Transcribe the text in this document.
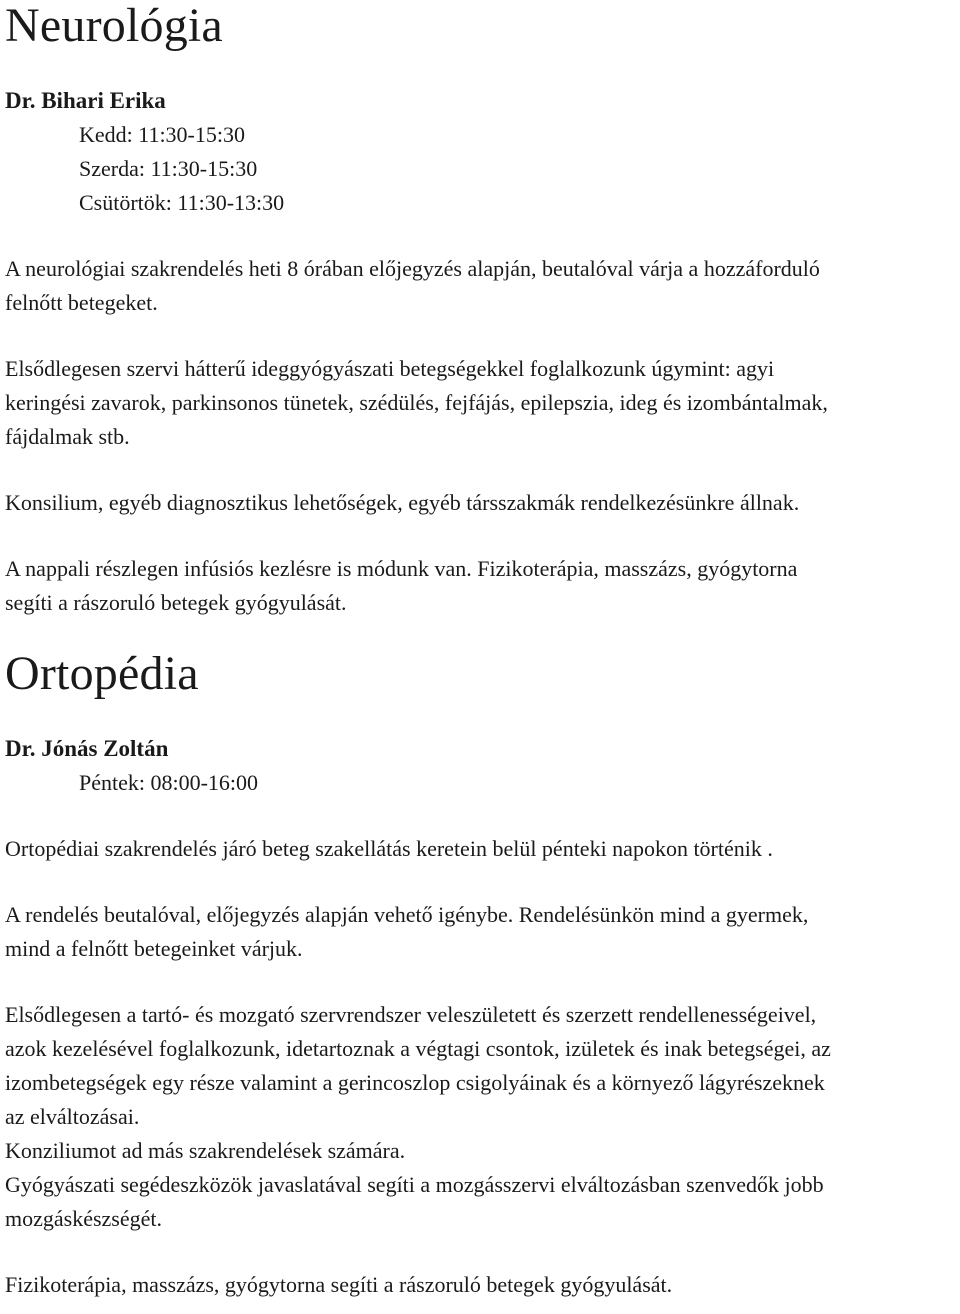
Neurológia
Dr. Bihari Erika
Kedd: 11:30-15:30
Szerda: 11:30-15:30
Csütörtök: 11:30-13:30

A neurológiai szakrendelés heti 8 órában előjegyzés alapján, beutalóval várja a hozzáforduló
felnőtt betegeket.

Elsődlegesen szervi hátterű ideggyógyászati betegségekkel foglalkozunk úgymint: agyi
keringési zavarok, parkinsonos tünetek, szédülés, fejfájás, epilepszia, ideg és izombántalmak,
fájdalmak stb.

Konsilium, egyéb diagnosztikus lehetőségek, egyéb társszakmák rendelkezésünkre állnak.

A nappali részlegen infúsiós kezlésre is módunk van. Fizikoterápia, masszázs, gyógytorna
segíti a rászoruló betegek gyógyulását.

Ortopédia
Dr. Jónás Zoltán
Péntek: 08:00-16:00

Ortopédiai szakrendelés járó beteg szakellátás keretein belül pénteki napokon történik .

A rendelés beutalóval, előjegyzés alapján vehető igénybe. Rendelésünkön mind a gyermek,
mind a felnőtt betegeinket várjuk.

Elsődlegesen a tartó- és mozgató szervrendszer veleszületett és szerzett rendellenességeivel,
azok kezelésével foglalkozunk, idetartoznak a végtagi csontok, izületek és inak betegségei, az
izombetegségek egy része valamint a gerincoszlop csigolyáinak és a környező lágyrészeknek
az elváltozásai.
Konziliumot ad más szakrendelések számára.
Gyógyászati segédeszközök javaslatával segíti a mozgásszervi elváltozásban szenvedők jobb
mozgáskészségét.

Fizikoterápia, masszázs, gyógytorna segíti a rászoruló betegek gyógyulását.
